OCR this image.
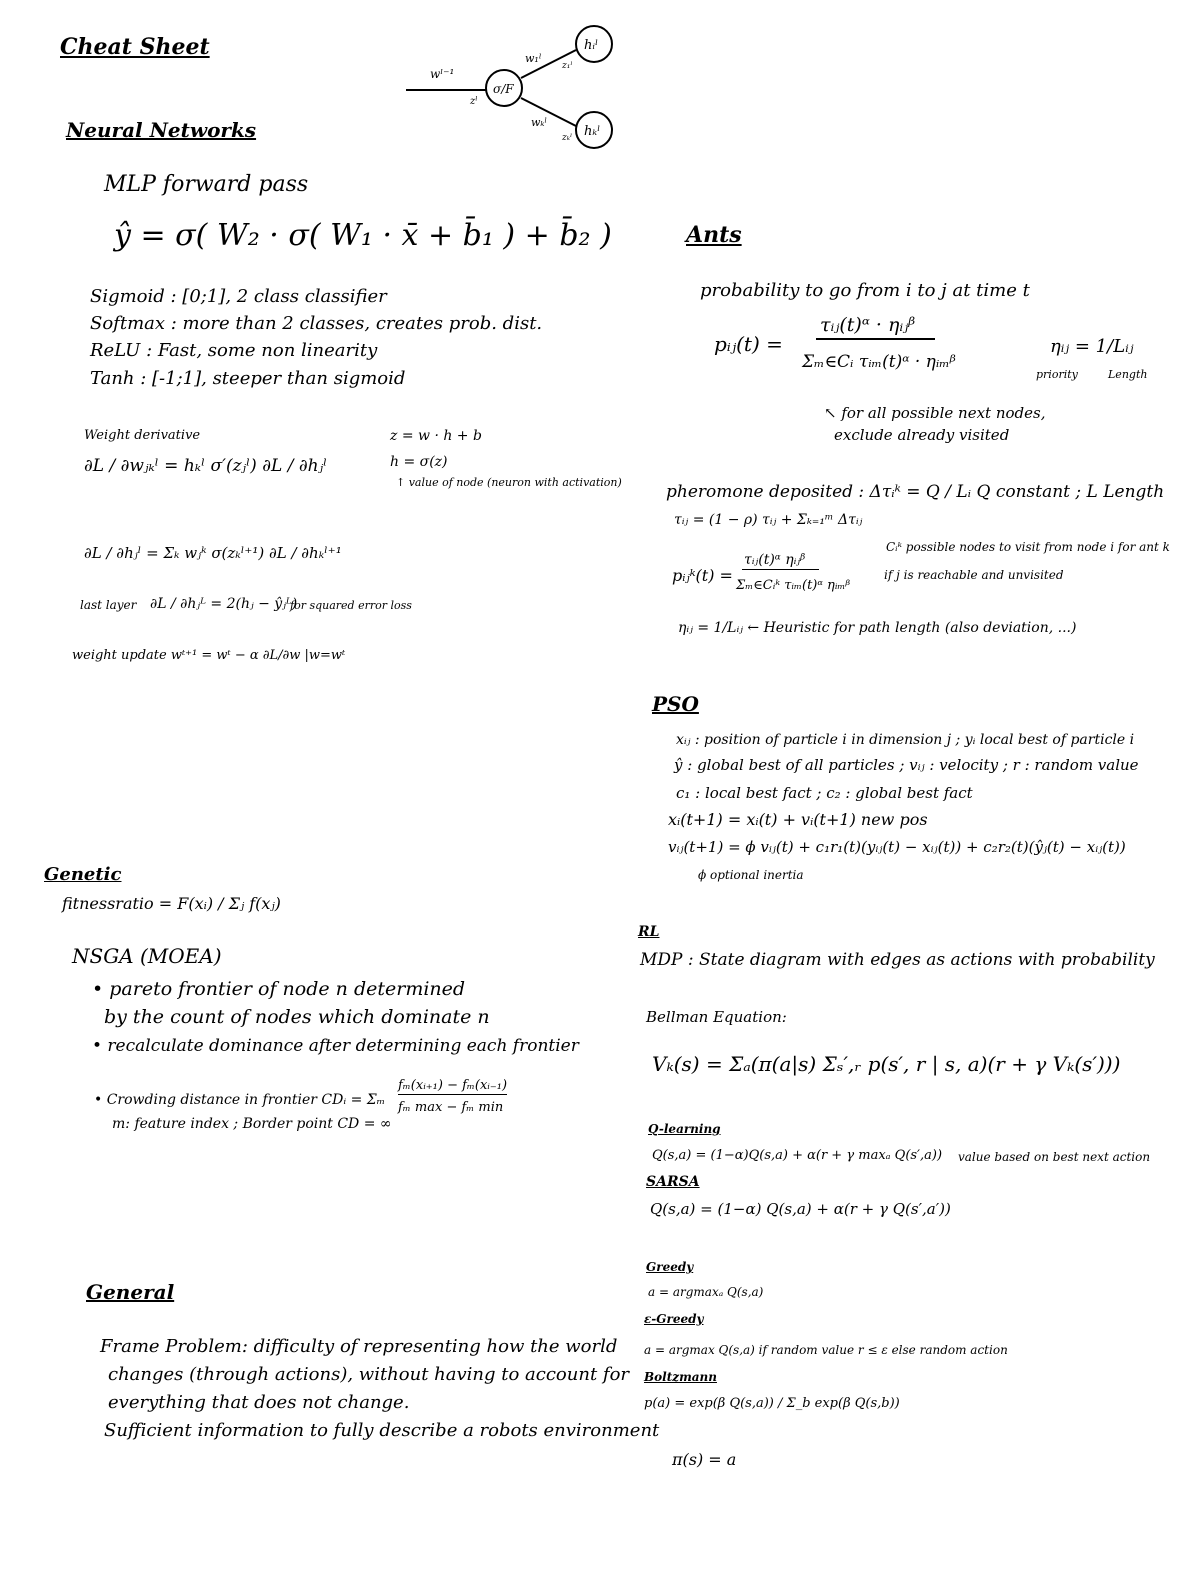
Cheat Sheet
wˡ⁻¹
zˡ
σ/F
hᵢˡ
hₖˡ
w₁ˡ
wₖˡ
z₁ˡ
zₖˡ
Neural Networks
MLP forward pass
ŷ = σ( W₂ · σ( W₁ · x̄ + b̄₁ ) + b̄₂ )
Sigmoid : [0;1], 2 class classifier
Softmax : more than 2 classes, creates prob. dist.
ReLU : Fast, some non linearity
Tanh : [-1;1], steeper than sigmoid
Weight derivative
∂L / ∂wⱼₖˡ = hₖˡ σ′(zⱼˡ) ∂L / ∂hⱼˡ
z = w · h + b
h = σ(z)
↑ value of node (neuron with activation)
∂L / ∂hⱼˡ = Σₖ wⱼᵏ σ(zₖˡ⁺¹) ∂L / ∂hₖˡ⁺¹
last layer ∂L / ∂hⱼᴸ = 2(hⱼ − ŷⱼᴸ)
for squared error loss
weight update wᵗ⁺¹ = wᵗ − α ∂L/∂w |w=wᵗ
Genetic
fitnessratio = F(xᵢ) / Σⱼ f(xⱼ)
NSGA (MOEA)
• pareto frontier of node n determined
by the count of nodes which dominate n
• recalculate dominance after determining each frontier
• Crowding distance in frontier CDᵢ = Σₘ
fₘ(xᵢ₊₁) − fₘ(xᵢ₋₁)
fₘ max − fₘ min
m: feature index ; Border point CD = ∞
General
Frame Problem: difficulty of representing how the world
changes (through actions), without having to account for
everything that does not change.
Sufficient information to fully describe a robots environment
Ants
probability to go from i to j at time t
pᵢⱼ(t) =
τᵢⱼ(t)ᵅ · ηᵢⱼᵝ
Σₘ∈Cᵢ τᵢₘ(t)ᵅ · ηᵢₘᵝ
ηᵢⱼ = 1/Lᵢⱼ
priority	Length
↖ for all possible next nodes,
exclude already visited
pheromone deposited : Δτᵢᵏ = Q / Lᵢ Q constant ; L Length
τᵢⱼ = (1 − ρ) τᵢⱼ + Σₖ₌₁ᵐ Δτᵢⱼ
pᵢⱼᵏ(t) =
τᵢⱼ(t)ᵅ ηᵢⱼᵝ
Σₘ∈Cᵢᵏ τᵢₘ(t)ᵅ ηᵢₘᵝ
Cᵢᵏ possible nodes to visit from node i for ant k
if j is reachable and unvisited
ηᵢⱼ = 1/Lᵢⱼ ← Heuristic for path length (also deviation, ...)
PSO
xᵢⱼ : position of particle i in dimension j ; yᵢ local best of particle i
ŷ : global best of all particles ; vᵢⱼ : velocity ; r : random value
c₁ : local best fact ; c₂ : global best fact
xᵢ(t+1) = xᵢ(t) + vᵢ(t+1) new pos
vᵢⱼ(t+1) = ϕ vᵢⱼ(t) + c₁r₁(t)(yᵢⱼ(t) − xᵢⱼ(t)) + c₂r₂(t)(ŷⱼ(t) − xᵢⱼ(t))
ϕ optional inertia
RL
MDP : State diagram with edges as actions with probability
Bellman Equation:
Vₖ(s) = Σₐ(π(a|s) Σₛ′,ᵣ p(s′, r | s, a)(r + γ Vₖ(s′)))
Q-learning
Q(s,a) = (1−α)Q(s,a) + α(r + γ maxₐ Q(s′,a)) value based on best next action
SARSA
Q(s,a) = (1−α) Q(s,a) + α(r + γ Q(s′,a′))
Greedy
a = argmaxₐ Q(s,a)
ε-Greedy
a = argmax Q(s,a) if random value r ≤ ε else random action
Boltzmann
p(a) = exp(β Q(s,a)) / Σ_b exp(β Q(s,b))
π(s) = a
